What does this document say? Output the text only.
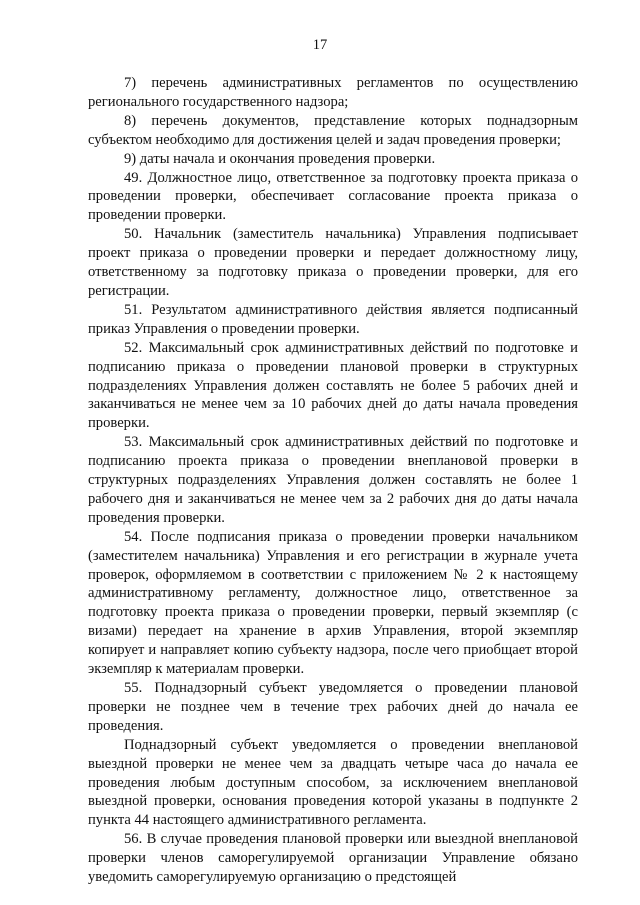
17

7) перечень административных регламентов по осуществлению регионального государственного надзора;

8) перечень документов, представление которых поднадзорным субъектом необходимо для достижения целей и задач проведения проверки;

9) даты начала и окончания проведения проверки.

49. Должностное лицо, ответственное за подготовку проекта приказа о проведении проверки, обеспечивает согласование проекта приказа о проведении проверки.

50. Начальник (заместитель начальника) Управления подписывает проект приказа о проведении проверки и передает должностному лицу, ответственному за подготовку приказа о проведении проверки, для его регистрации.

51. Результатом административного действия является подписанный приказ Управления о проведении проверки.

52. Максимальный срок административных действий по подготовке и подписанию приказа о проведении плановой проверки в структурных подразделениях Управления должен составлять не более 5 рабочих дней и заканчиваться не менее чем за 10 рабочих дней до даты начала проведения проверки.

53. Максимальный срок административных действий по подготовке и подписанию проекта приказа о проведении внеплановой проверки в структурных подразделениях Управления должен составлять не более 1 рабочего дня и заканчиваться не менее чем за 2 рабочих дня до даты начала проведения проверки.

54. После подписания приказа о проведении проверки начальником (заместителем начальника) Управления и его регистрации в журнале учета проверок, оформляемом в соответствии с приложением № 2 к настоящему административному регламенту, должностное лицо, ответственное за подготовку проекта приказа о проведении проверки, первый экземпляр (с визами) передает на хранение в архив Управления, второй экземпляр копирует и направляет копию субъекту надзора, после чего приобщает второй экземпляр к материалам проверки.

55. Поднадзорный субъект уведомляется о проведении плановой проверки не позднее чем в течение трех рабочих дней до начала ее проведения.

Поднадзорный субъект уведомляется о проведении внеплановой выездной проверки не менее чем за двадцать четыре часа до начала ее проведения любым доступным способом, за исключением внеплановой выездной проверки, основания проведения которой указаны в подпункте 2 пункта 44 настоящего административного регламента.

56. В случае проведения плановой проверки или выездной внеплановой проверки членов саморегулируемой организации Управление обязано уведомить саморегулируемую организацию о предстоящей
